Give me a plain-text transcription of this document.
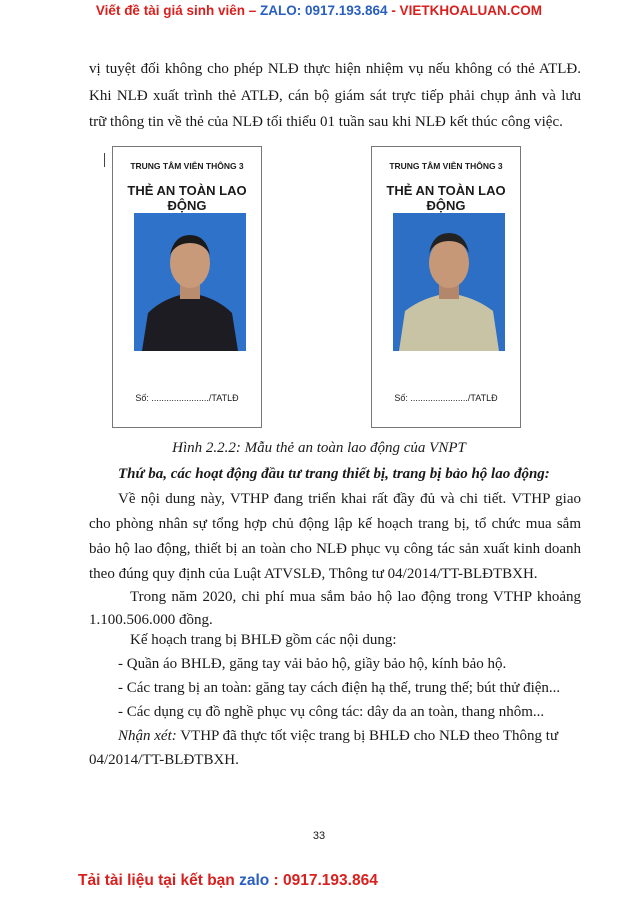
Viết đề tài giá sinh viên – ZALO: 0917.193.864 - VIETKHOALUAN.COM
vị tuyệt đối không cho phép NLĐ thực hiện nhiệm vụ nếu không có thẻ ATLĐ.
Khi NLĐ xuất trình thẻ ATLĐ, cán bộ giám sát trực tiếp phải chụp ảnh và lưu
trữ thông tin về thẻ của NLĐ tối thiểu 01 tuần sau khi NLĐ kết thúc công việc.
TRUNG TÂM VIỄN THÔNG 3
THẺ AN TOÀN LAO ĐỘNG
Số: ......................./TATLĐ
TRUNG TÂM VIỄN THÔNG 3
THẺ AN TOÀN LAO ĐỘNG
Số: ......................./TATLĐ
Hình 2.2.2: Mẫu thẻ an toàn lao động của VNPT
Thứ ba, các hoạt động đầu tư trang thiết bị, trang bị bảo hộ lao động:
Về nội dung này, VTHP đang triển khai rất đầy đủ và chi tiết. VTHP giao
cho phòng nhân sự tổng hợp chủ động lập kế hoạch trang bị, tổ chức mua sắm
bảo hộ lao động, thiết bị an toàn cho NLĐ phục vụ công tác sản xuất kinh doanh
theo đúng quy định của Luật ATVSLĐ, Thông tư 04/2014/TT-BLĐTBXH.
Trong năm 2020, chi phí mua sắm bảo hộ lao động trong VTHP khoảng
1.100.506.000 đồng.
Kế hoạch trang bị BHLĐ gồm các nội dung:
- Quần áo BHLĐ, găng tay vải bảo hộ, giầy bảo hộ, kính bảo hộ.
- Các trang bị an toàn: găng tay cách điện hạ thế, trung thế; bút thử điện...
- Các dụng cụ đồ nghề phục vụ công tác: dây da an toàn, thang nhôm...
Nhận xét: VTHP đã thực tốt việc trang bị BHLĐ cho NLĐ theo Thông tư
04/2014/TT-BLĐTBXH.
33
Tải tài liệu tại kết bạn zalo : 0917.193.864
